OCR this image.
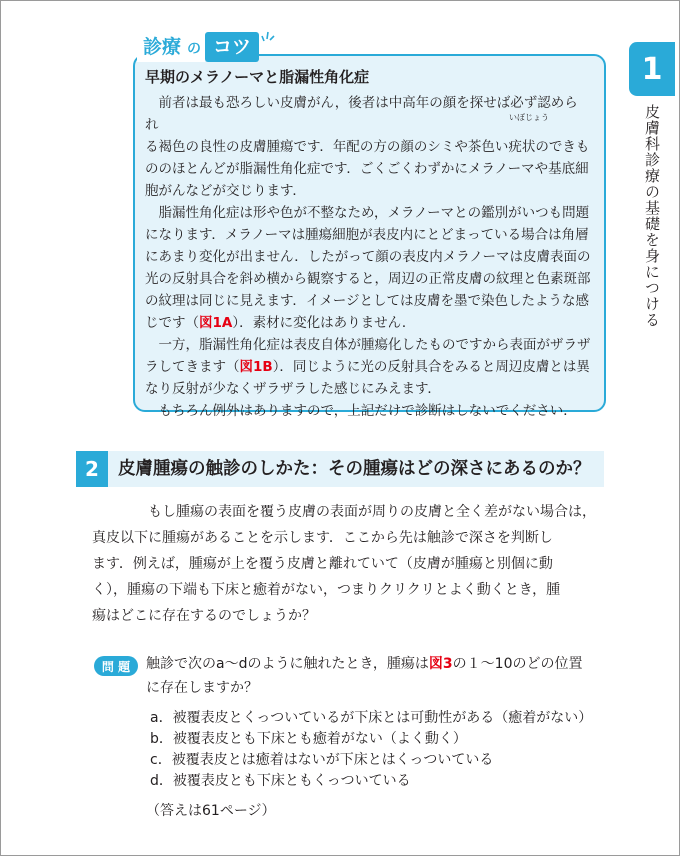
1
皮膚科診療の基礎を身につける
診療 の コツ
早期のメラノーマと脂漏性角化症
いぼじょう

前者は最も恐ろしい皮膚がん，後者は中高年の顔を探せば必ず認められ
る褐色の良性の皮膚腫瘍です．年配の方の顔のシミや茶色い疣状のできも
ののほとんどが脂漏性角化症です．ごくごくわずかにメラノーマや基底細
胞がんなどが交じります．

脂漏性角化症は形や色が不整なため，メラノーマとの鑑別がいつも問題
になります．メラノーマは腫瘍細胞が表皮内にとどまっている場合は角層
にあまり変化が出ません．したがって顔の表皮内メラノーマは皮膚表面の
光の反射具合を斜め横から観察すると，周辺の正常皮膚の紋理と色素斑部
の紋理は同じに見えます．イメージとしては皮膚を墨で染色したような感
じです（図1A）．素材に変化はありません．

一方，脂漏性角化症は表皮自体が腫瘍化したものですから表面がザラザ
ラしてきます（図1B）．同じように光の反射具合をみると周辺皮膚とは異
なり反射が少なくザラザラした感じにみえます．

もちろん例外はありますので，上記だけで診断はしないでください．

2	皮膚腫瘍の触診のしかた：その腫瘍はどの深さにあるのか？

もし腫瘍の表面を覆う皮膚の表面が周りの皮膚と全く差がない場合は，
真皮以下に腫瘍があることを示します．ここから先は触診で深さを判断し
ます．例えば，腫瘍が上を覆う皮膚と離れていて（皮膚が腫瘍と別個に動
く），腫瘍の下端も下床と癒着がない，つまりクリクリとよく動くとき，腫
瘍はどこに存在するのでしょうか？

問 題	触診で次のa～dのように触れたとき，腫瘍は図3の１～10のどの位置
に存在しますか？
a．被覆表皮とくっついているが下床とは可動性がある（癒着がない）
b．被覆表皮とも下床とも癒着がない（よく動く）
c．被覆表皮とは癒着はないが下床とはくっついている
d．被覆表皮とも下床ともくっついている
（答えは61ページ）
